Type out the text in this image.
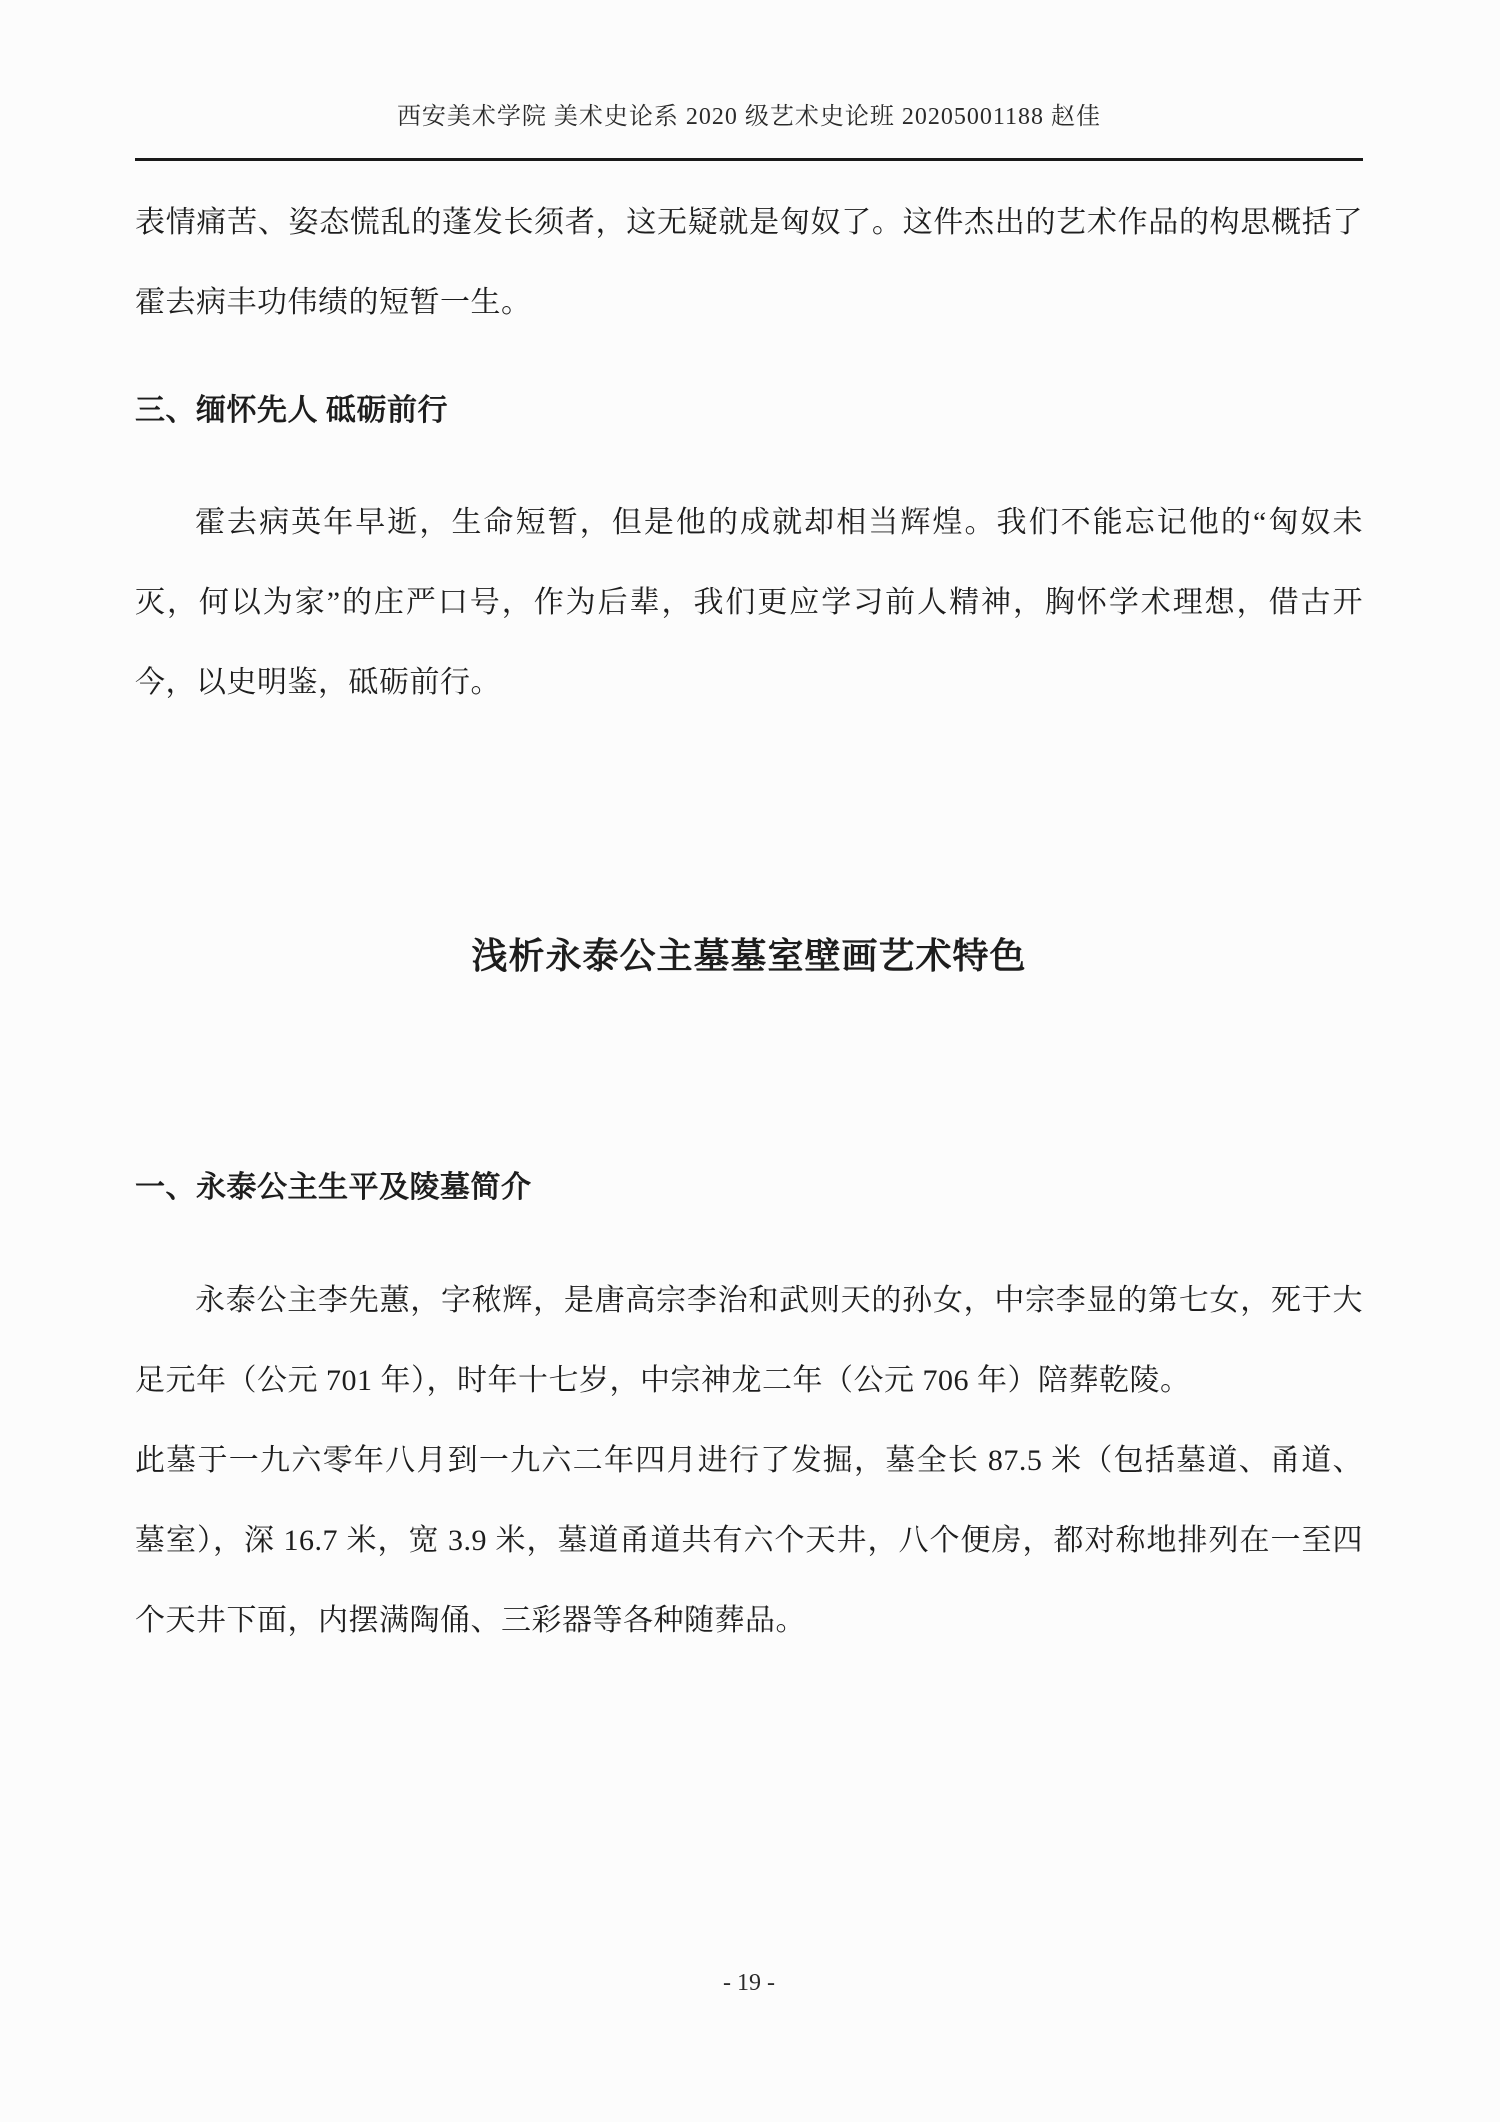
西安美术学院 美术史论系 2020 级艺术史论班 20205001188 赵佳

表情痛苦、姿态慌乱的蓬发长须者，这无疑就是匈奴了。这件杰出的艺术作品的构思概括了霍去病丰功伟绩的短暂一生。

三、缅怀先人 砥砺前行

霍去病英年早逝，生命短暂，但是他的成就却相当辉煌。我们不能忘记他的“匈奴未灭，何以为家”的庄严口号，作为后辈，我们更应学习前人精神，胸怀学术理想，借古开今，以史明鉴，砥砺前行。

浅析永泰公主墓墓室壁画艺术特色
一、永泰公主生平及陵墓简介

永泰公主李先蕙，字秾辉，是唐高宗李治和武则天的孙女，中宗李显的第七女，死于大足元年（公元 701 年），时年十七岁，中宗神龙二年（公元 706 年）陪葬乾陵。

此墓于一九六零年八月到一九六二年四月进行了发掘，墓全长 87.5 米（包括墓道、甬道、墓室），深 16.7 米，宽 3.9 米，墓道甬道共有六个天井，八个便房，都对称地排列在一至四个天井下面，内摆满陶俑、三彩器等各种随葬品。

- 19 -
